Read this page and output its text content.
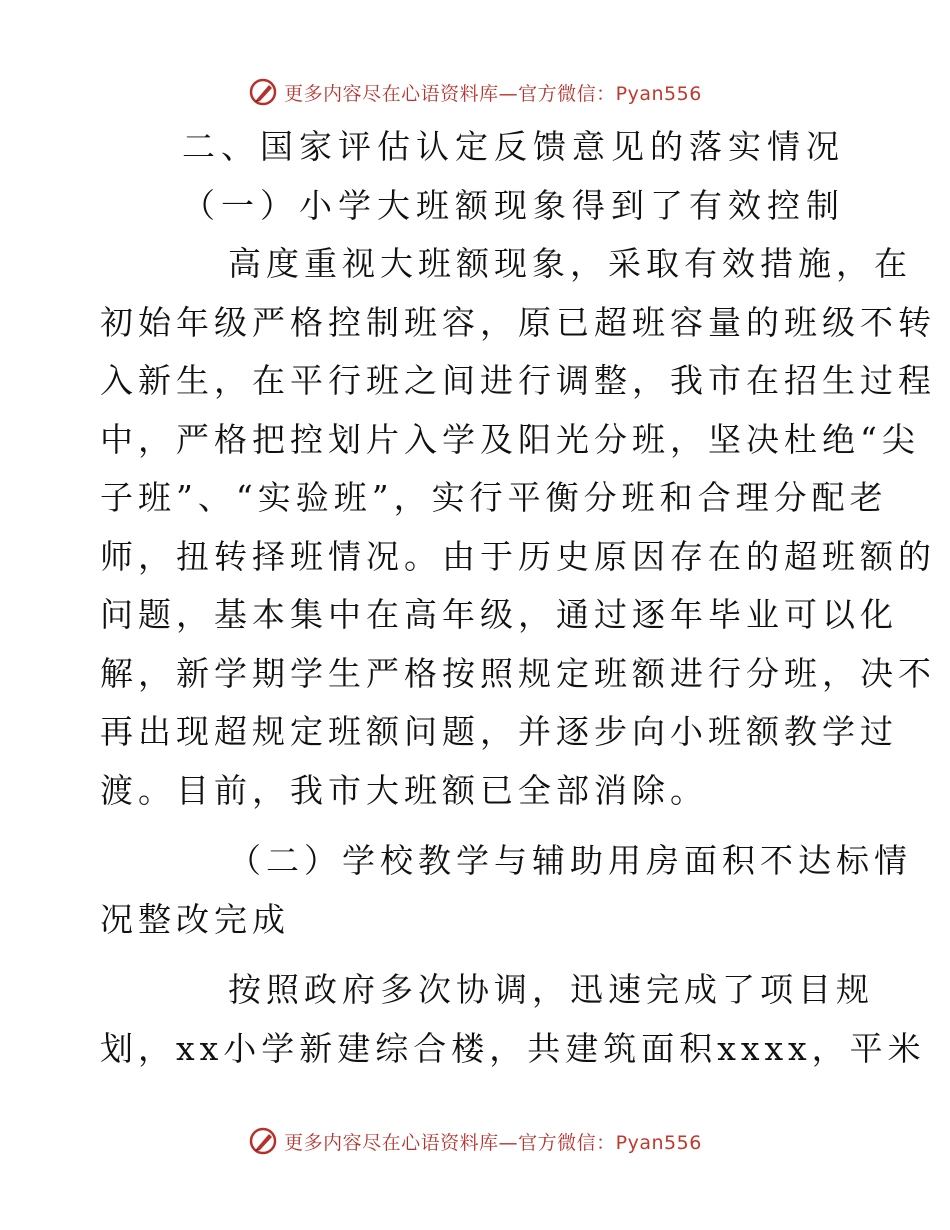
更多内容尽在心语资料库—官方微信：Pyan556
二、国家评估认定反馈意见的落实情况
（一）小学大班额现象得到了有效控制
高度重视大班额现象，采取有效措施，在
初始年级严格控制班容，原已超班容量的班级不转
入新生，在平行班之间进行调整，我市在招生过程
中，严格把控划片入学及阳光分班，坚决杜绝“尖
子班”、“实验班”，实行平衡分班和合理分配老
师，扭转择班情况。由于历史原因存在的超班额的
问题，基本集中在高年级，通过逐年毕业可以化
解，新学期学生严格按照规定班额进行分班，决不
再出现超规定班额问题，并逐步向小班额教学过
渡。目前，我市大班额已全部消除。
（二）学校教学与辅助用房面积不达标情
况整改完成
按照政府多次协调，迅速完成了项目规
划，xx小学新建综合楼，共建筑面积xxxx，平米
更多内容尽在心语资料库—官方微信：Pyan556
